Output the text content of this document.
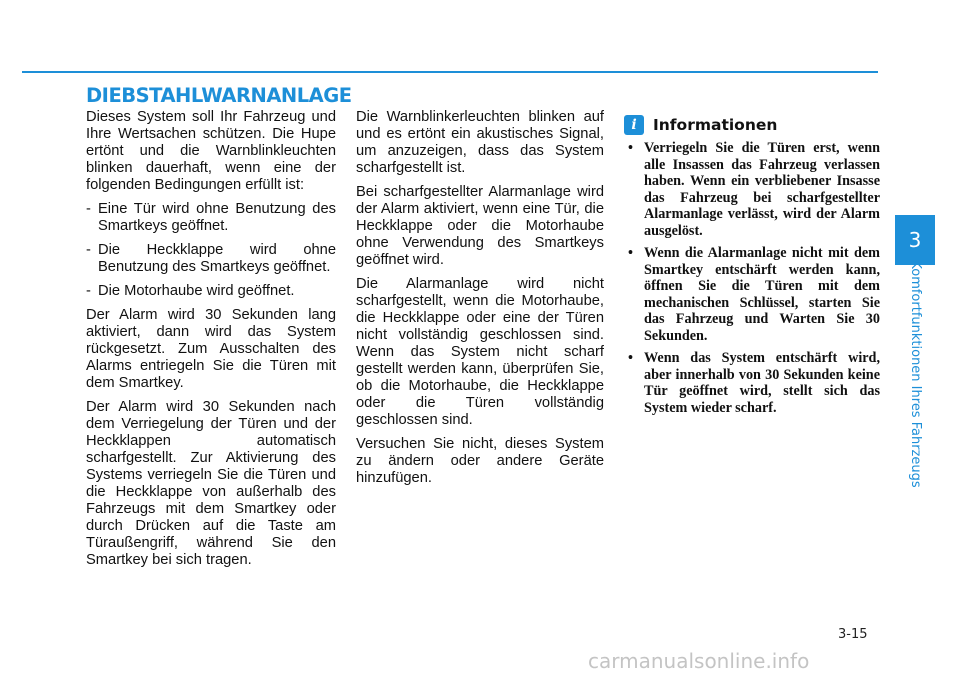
DIEBSTAHLWARNANLAGE

Dieses System soll Ihr Fahrzeug und Ihre Wertsachen schützen. Die Hupe ertönt und die Warnblinkleuchten blinken dauerhaft, wenn eine der folgenden Bedingungen erfüllt ist:

- Eine Tür wird ohne Benutzung des Smartkeys geöffnet.
- Die Heckklappe wird ohne Benutzung des Smartkeys geöffnet.
- Die Motorhaube wird geöffnet.

Der Alarm wird 30 Sekunden lang aktiviert, dann wird das System rückgesetzt. Zum Ausschalten des Alarms entriegeln Sie die Türen mit dem Smartkey.

Der Alarm wird 30 Sekunden nach dem Verriegelung der Türen und der Heckklappen automatisch scharfgestellt. Zur Aktivierung des Systems verriegeln Sie die Türen und die Heckklappe von außerhalb des Fahrzeugs mit dem Smartkey oder durch Drücken auf die Taste am Türaußengriff, während Sie den Smartkey bei sich tragen.

Die Warnblinkerleuchten blinken auf und es ertönt ein akustisches Signal, um anzuzeigen, dass das System scharfgestellt ist.

Bei scharfgestellter Alarmanlage wird der Alarm aktiviert, wenn eine Tür, die Heckklappe oder die Motorhaube ohne Verwendung des Smartkeys geöffnet wird.

Die Alarmanlage wird nicht scharfgestellt, wenn die Motorhaube, die Heckklappe oder eine der Türen nicht vollständig geschlossen sind. Wenn das System nicht scharf gestellt werden kann, überprüfen Sie, ob die Motorhaube, die Heckklappe oder die Türen vollständig geschlossen sind.

Versuchen Sie nicht, dieses System zu ändern oder andere Geräte hinzufügen.

i	Informationen
• Verriegeln Sie die Türen erst, wenn alle Insassen das Fahrzeug verlassen haben. Wenn ein verbliebener Insasse das Fahrzeug bei scharfgestellter Alarmanlage verlässt, wird der Alarm ausgelöst.
• Wenn die Alarmanlage nicht mit dem Smartkey entschärft werden kann, öffnen Sie die Türen mit dem mechanischen Schlüssel, starten Sie das Fahrzeug und Warten Sie 30 Sekunden.
• Wenn das System entschärft wird, aber innerhalb von 30 Sekunden keine Tür geöffnet wird, stellt sich das System wieder scharf.
3
Komfortfunktionen Ihres Fahrzeugs
3-15
carmanualsonline.info
